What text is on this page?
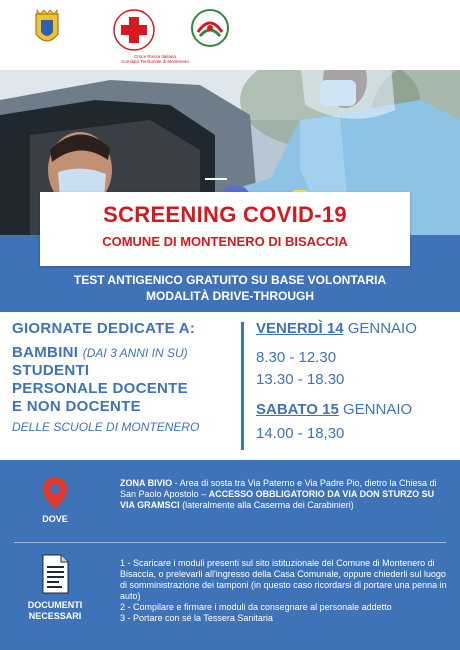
Croce Rossa Italiana
Comitato Territoriale di Montenero
SCREENING COVID-19
COMUNE DI MONTENERO DI BISACCIA
TEST ANTIGENICO GRATUITO SU BASE VOLONTARIA
MODALITÀ DRIVE-THROUGH
GIORNATE DEDICATE A:
BAMBINI (DAI 3 ANNI IN SU)
STUDENTI
PERSONALE DOCENTE
E NON DOCENTE
DELLE SCUOLE DI MONTENERO
VENERDÌ 14 GENNAIO
8.30 - 12.30
13.30 - 18.30
SABATO 15 GENNAIO
14.00 - 18,30
DOVE
ZONA BIVIO - Area di sosta tra Via Paterno e Via Padre Pio, dietro la Chiesa di San Paolo Apostolo – ACCESSO OBBLIGATORIO DA VIA DON STURZO SU VIA GRAMSCI (lateralmente alla Caserma dei Carabinieri)
DOCUMENTI
NECESSARI
1 - Scaricare i moduli presenti sul sito istituzionale del Comune di Montenero di Bisaccia, o prelevarli all'ingresso della Casa Comunale, oppure chiederli sul luogo di somministrazione dei tamponi (in questo caso ricordarsi di portare una penna in auto)
2 - Compilare e firmare i moduli da consegnare al personale addetto
3 - Portare con sé la Tessera Sanitaria
